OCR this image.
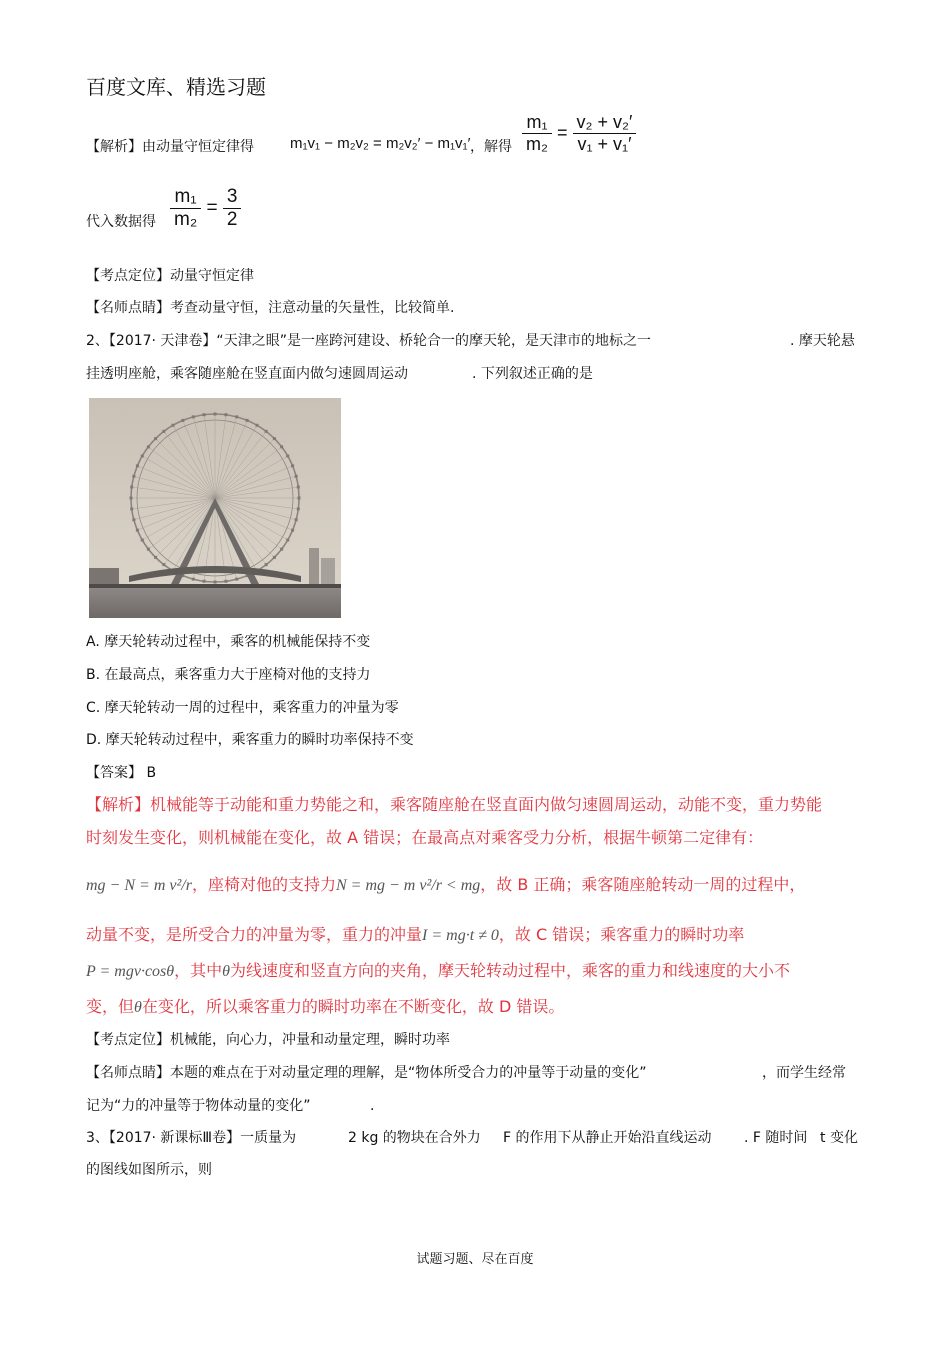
百度文库、精选习题
【解析】由动量守恒定律得 m₁v₁ − m₂v₂ = m₂v₂′ − m₁v₁′ ，解得 $\frac{\text{m₁}}{\text{m₂}} = \frac{\text{v₂ + v₂′}}{\text{v₁ + v₁′}}$
代入数据得 $\frac{\text{m₁}}{\text{m₂}} = \frac{3}{2}$
【考点定位】动量守恒定律
【名师点睛】考查动量守恒，注意动量的矢量性，比较简单.
2、【2017· 天津卷】“天津之眼”是一座跨河建设、桥轮合一的摩天轮，是天津市的地标之一	. 摩天轮悬
挂透明座舱，乘客随座舱在竖直面内做匀速圆周运动	. 下列叙述正确的是
A. 摩天轮转动过程中，乘客的机械能保持不变
B. 在最高点，乘客重力大于座椅对他的支持力
C. 摩天轮转动一周的过程中，乘客重力的冲量为零
D. 摩天轮转动过程中，乘客重力的瞬时功率保持不变
【答案】 B
【解析】机械能等于动能和重力势能之和，乘客随座舱在竖直面内做匀速圆周运动，动能不变，重力势能
时刻发生变化，则机械能在变化，故 A 错误；在最高点对乘客受力分析，根据牛顿第二定律有：
mg − N = m v²/r，座椅对他的支持力N = mg − m v²/r < mg，故 B 正确；乘客随座舱转动一周的过程中，
动量不变，是所受合力的冲量为零，重力的冲量I = mg·t ≠ 0，故 C 错误；乘客重力的瞬时功率
P = mgv·cosθ，其中θ为线速度和竖直方向的夹角，摩天轮转动过程中，乘客的重力和线速度的大小不
变，但θ在变化，所以乘客重力的瞬时功率在不断变化，故 D 错误。
【考点定位】机械能，向心力，冲量和动量定理，瞬时功率
【名师点睛】本题的难点在于对动量定理的理解，是“物体所受合力的冲量等于动量的变化”	，而学生经常
记为“力的冲量等于物体动量的变化”	.
3、【2017· 新课标Ⅲ卷】一质量为	2 kg 的物块在合外力 F 的作用下从静止开始沿直线运动 . F 随时间 t 变化
的图线如图所示，则
试题习题、尽在百度
